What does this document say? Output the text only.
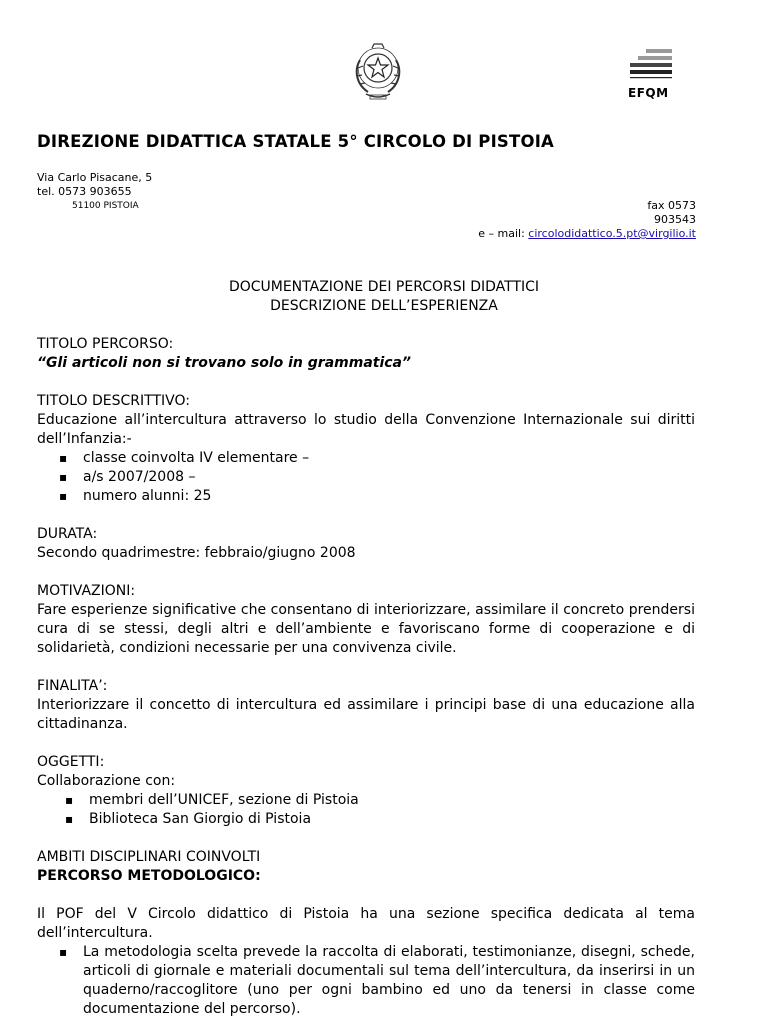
EFQM
DIREZIONE DIDATTICA STATALE 5° CIRCOLO DI PISTOIA
Via Carlo Pisacane, 5
tel. 0573 903655
51100 PISTOIA	fax 0573
903543
e – mail: circolodidattico.5.pt@virgilio.it
DOCUMENTAZIONE DEI PERCORSI DIDATTICI
DESCRIZIONE DELL’ESPERIENZA

TITOLO PERCORSO:

“Gli articoli non si trovano solo in grammatica”

TITOLO DESCRITTIVO:

Educazione all’intercultura attraverso lo studio della Convenzione Internazionale sui diritti dell’Infanzia:-

▪ classe coinvolta IV elementare –
▪ a/s 2007/2008 –
▪ numero alunni: 25

DURATA:

Secondo quadrimestre: febbraio/giugno 2008

MOTIVAZIONI:

Fare esperienze significative che consentano di interiorizzare, assimilare il concreto prendersi cura di se stessi, degli altri e dell’ambiente e favoriscano forme di cooperazione e di solidarietà, condizioni necessarie per una convivenza civile.

FINALITA’:

Interiorizzare il concetto di intercultura ed assimilare i principi base di una educazione alla cittadinanza.

OGGETTI:

Collaborazione con:

▪ membri dell’UNICEF, sezione di Pistoia
▪ Biblioteca San Giorgio di Pistoia

AMBITI DISCIPLINARI COINVOLTI

PERCORSO METODOLOGICO:

Il POF del V Circolo didattico di Pistoia ha una sezione specifica dedicata al tema dell’intercultura.

▪ La metodologia scelta prevede la raccolta di elaborati, testimonianze, disegni, schede, articoli di giornale e materiali documentali sul tema dell’intercultura, da inserirsi in un quaderno/raccoglitore (uno per ogni bambino ed uno da tenersi in classe come documentazione del percorso).
